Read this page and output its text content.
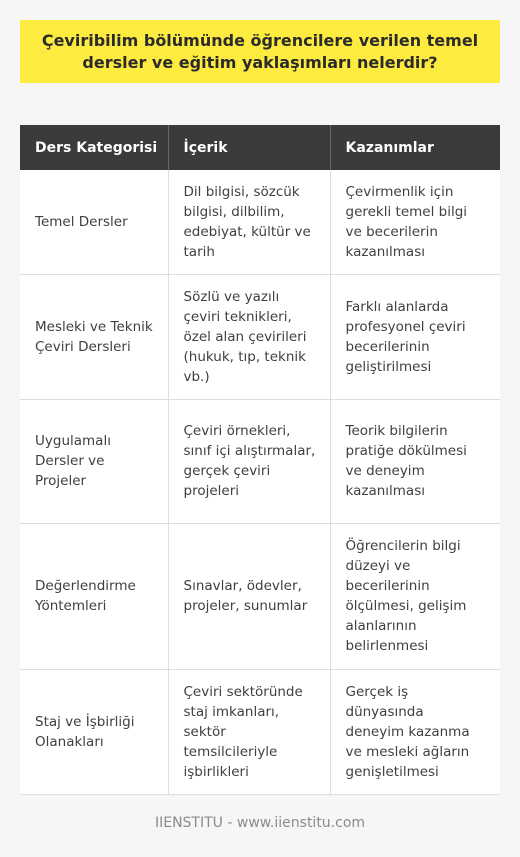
Çeviribilim bölümünde öğrencilere verilen temel dersler ve eğitim yaklaşımları nelerdir?
Ders Kategorisi	İçerik	Kazanımlar
Temel Dersler	Dil bilgisi, sözcük bilgisi, dilbilim, edebiyat, kültür ve tarih	Çevirmenlik için gerekli temel bilgi ve becerilerin kazanılması
Mesleki ve Teknik Çeviri Dersleri	Sözlü ve yazılı çeviri teknikleri, özel alan çevirileri (hukuk, tıp, teknik vb.)	Farklı alanlarda profesyonel çeviri becerilerinin geliştirilmesi
Uygulamalı Dersler ve Projeler	Çeviri örnekleri, sınıf içi alıştırmalar, gerçek çeviri projeleri	Teorik bilgilerin pratiğe dökülmesi ve deneyim kazanılması
Değerlendirme Yöntemleri	Sınavlar, ödevler, projeler, sunumlar	Öğrencilerin bilgi düzeyi ve becerilerinin ölçülmesi, gelişim alanlarının belirlenmesi
Staj ve İşbirliği Olanakları	Çeviri sektöründe staj imkanları, sektör temsilcileriyle işbirlikleri	Gerçek iş dünyasında deneyim kazanma ve mesleki ağların genişletilmesi
IIENSTITU - www.iienstitu.com
